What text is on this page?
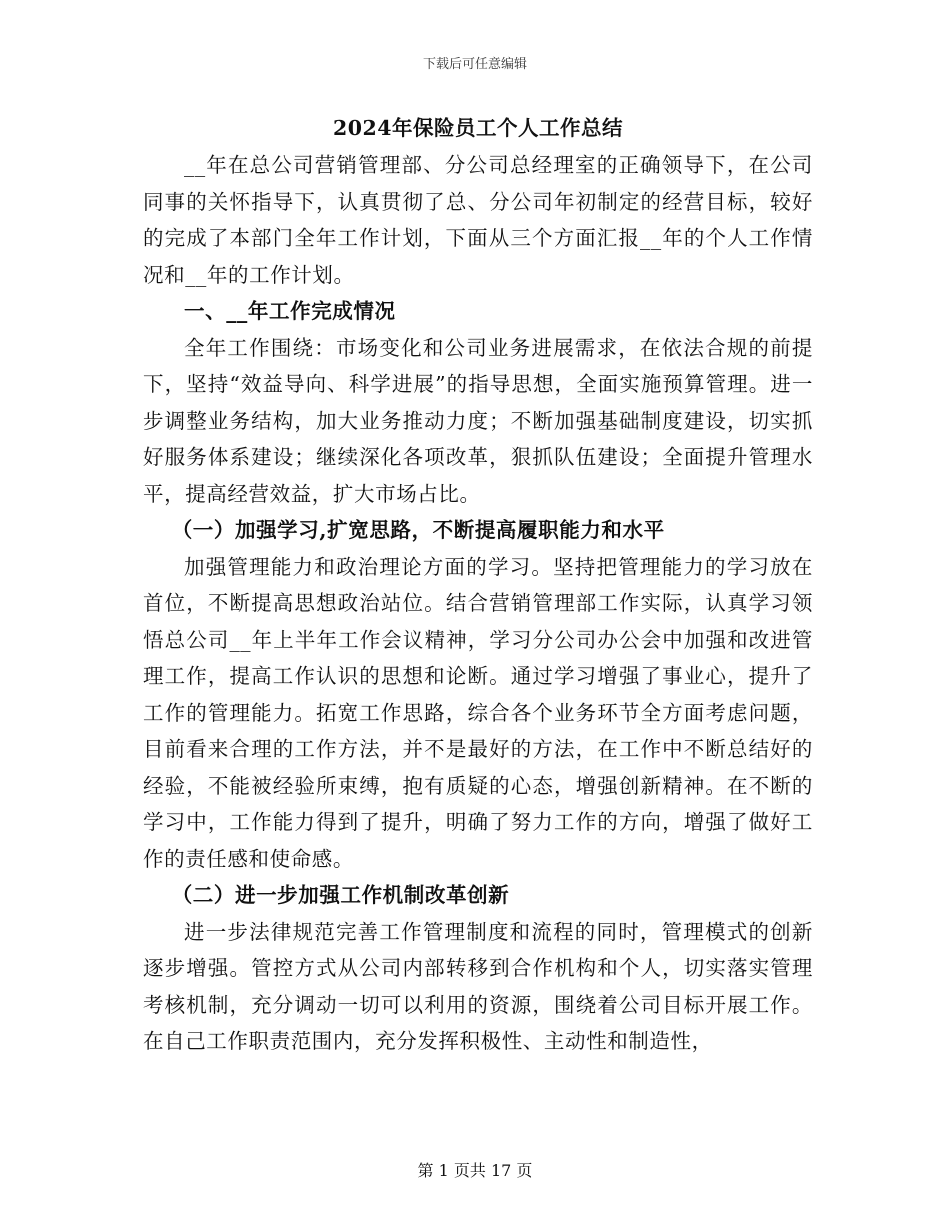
下载后可任意编辑
2024年保险员工个人工作总结

__年在总公司营销管理部、分公司总经理室的正确领导下，在公司同事的关怀指导下，认真贯彻了总、分公司年初制定的经营目标，较好的完成了本部门全年工作计划，下面从三个方面汇报__年的个人工作情况和__年的工作计划。

一、__年工作完成情况

全年工作围绕：市场变化和公司业务进展需求，在依法合规的前提下，坚持“效益导向、科学进展”的指导思想，全面实施预算管理。进一步调整业务结构，加大业务推动力度；不断加强基础制度建设，切实抓好服务体系建设；继续深化各项改革，狠抓队伍建设；全面提升管理水平，提高经营效益，扩大市场占比。

（一）加强学习,扩宽思路，不断提高履职能力和水平

加强管理能力和政治理论方面的学习。坚持把管理能力的学习放在首位，不断提高思想政治站位。结合营销管理部工作实际，认真学习领悟总公司__年上半年工作会议精神，学习分公司办公会中加强和改进管理工作，提高工作认识的思想和论断。通过学习增强了事业心，提升了工作的管理能力。拓宽工作思路，综合各个业务环节全方面考虑问题，目前看来合理的工作方法，并不是最好的方法，在工作中不断总结好的经验，不能被经验所束缚，抱有质疑的心态，增强创新精神。在不断的学习中，工作能力得到了提升，明确了努力工作的方向，增强了做好工作的责任感和使命感。

（二）进一步加强工作机制改革创新

进一步法律规范完善工作管理制度和流程的同时，管理模式的创新逐步增强。管控方式从公司内部转移到合作机构和个人，切实落实管理考核机制，充分调动一切可以利用的资源，围绕着公司目标开展工作。在自己工作职责范围内，充分发挥积极性、主动性和制造性，

第 1 页共 17 页
